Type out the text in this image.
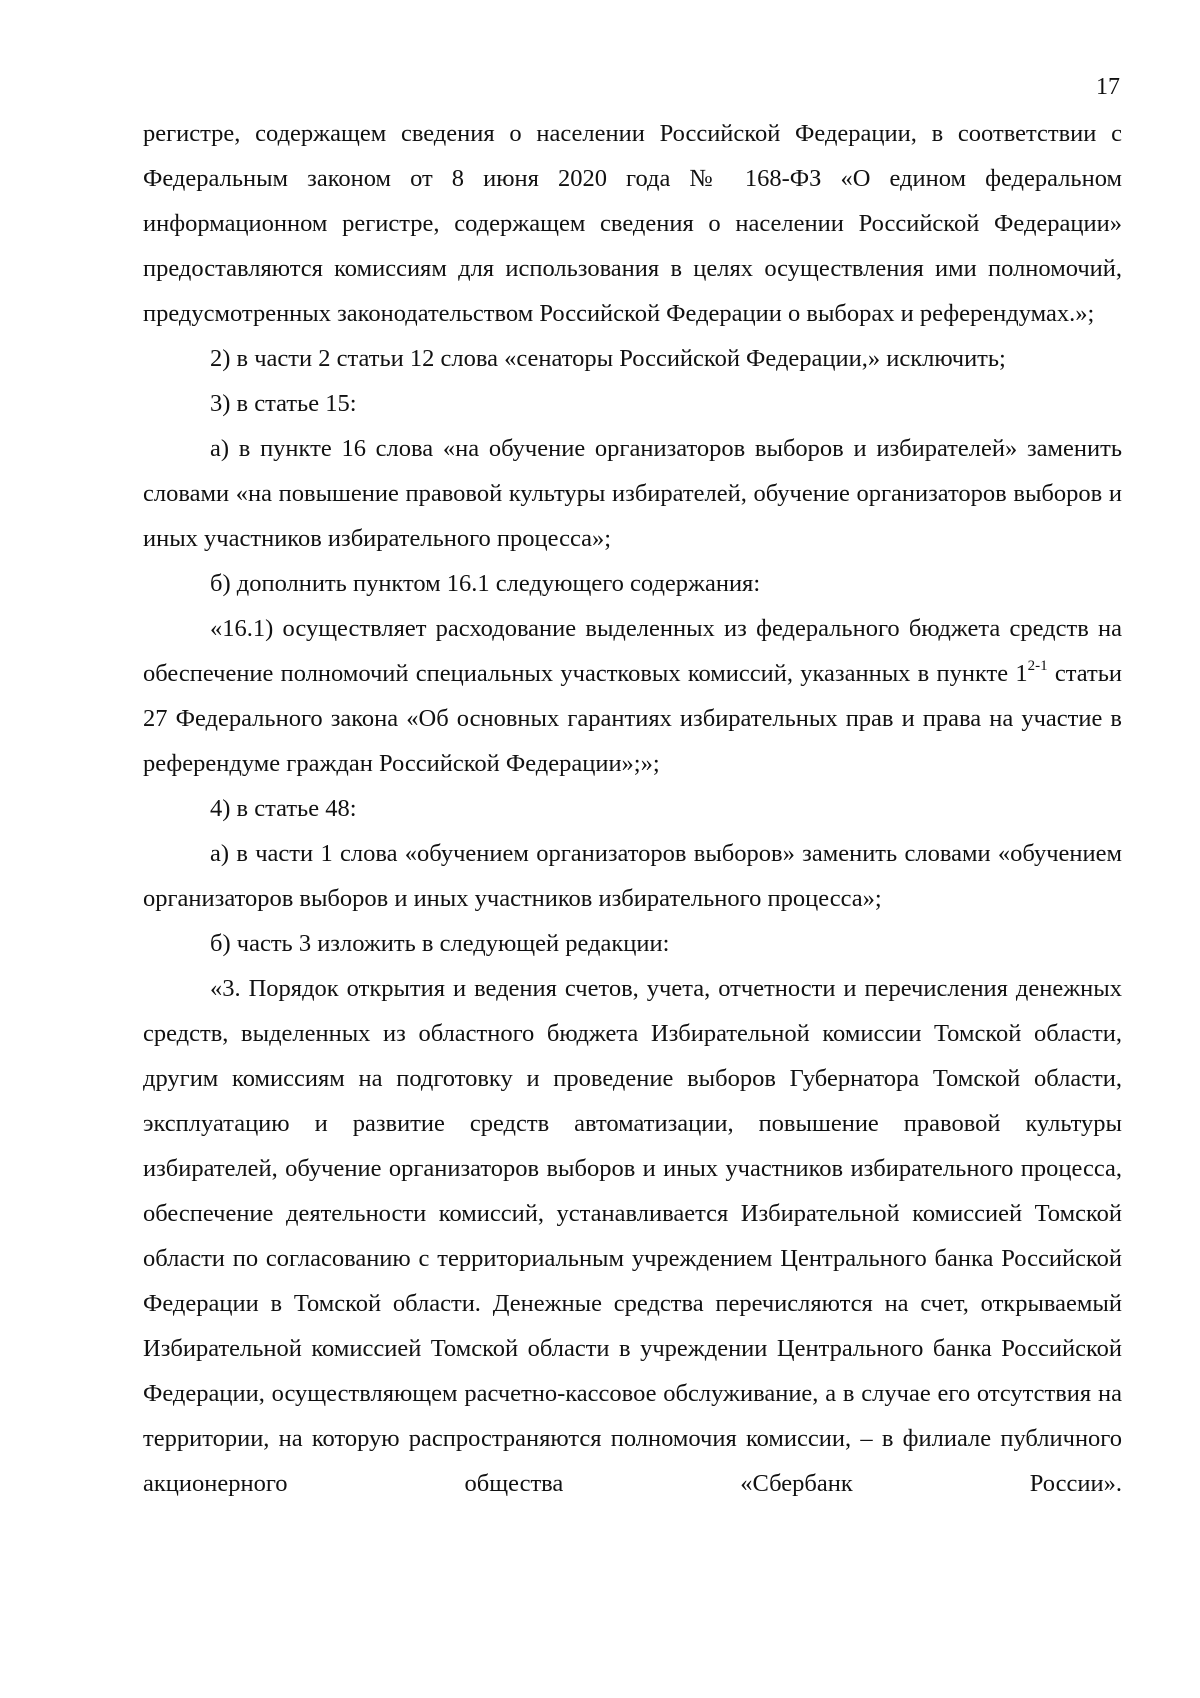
17

регистре, содержащем сведения о населении Российской Федерации, в соответствии с Федеральным законом от 8 июня 2020 года № 168-ФЗ «О едином федеральном информационном регистре, содержащем сведения о населении Российской Федерации» предоставляются комиссиям для использования в целях осуществления ими полномочий, предусмотренных законодательством Российской Федерации о выборах и референдумах.»;

2) в части 2 статьи 12 слова «сенаторы Российской Федерации,» исключить;

3) в статье 15:

а) в пункте 16 слова «на обучение организаторов выборов и избирателей» заменить словами «на повышение правовой культуры избирателей, обучение организаторов выборов и иных участников избирательного процесса»;

б) дополнить пунктом 16.1 следующего содержания:

«16.1) осуществляет расходование выделенных из федерального бюджета средств на обеспечение полномочий специальных участковых комиссий, указанных в пункте 1$^{2-1}$ статьи 27 Федерального закона «Об основных гарантиях избирательных прав и права на участие в референдуме граждан Российской Федерации»;»;

4) в статье 48:

а) в части 1 слова «обучением организаторов выборов» заменить словами «обучением организаторов выборов и иных участников избирательного процесса»;

б) часть 3 изложить в следующей редакции:

«3. Порядок открытия и ведения счетов, учета, отчетности и перечисления денежных средств, выделенных из областного бюджета Избирательной комиссии Томской области, другим комиссиям на подготовку и проведение выборов Губернатора Томской области, эксплуатацию и развитие средств автоматизации, повышение правовой культуры избирателей, обучение организаторов выборов и иных участников избирательного процесса, обеспечение деятельности комиссий, устанавливается Избирательной комиссией Томской области по согласованию с территориальным учреждением Центрального банка Российской Федерации в Томской области. Денежные средства перечисляются на счет, открываемый Избирательной комиссией Томской области в учреждении Центрального банка Российской Федерации, осуществляющем расчетно-кассовое обслуживание, а в случае его отсутствия на территории, на которую распространяются полномочия комиссии, – в филиале публичного акционерного общества «Сбербанк России».
